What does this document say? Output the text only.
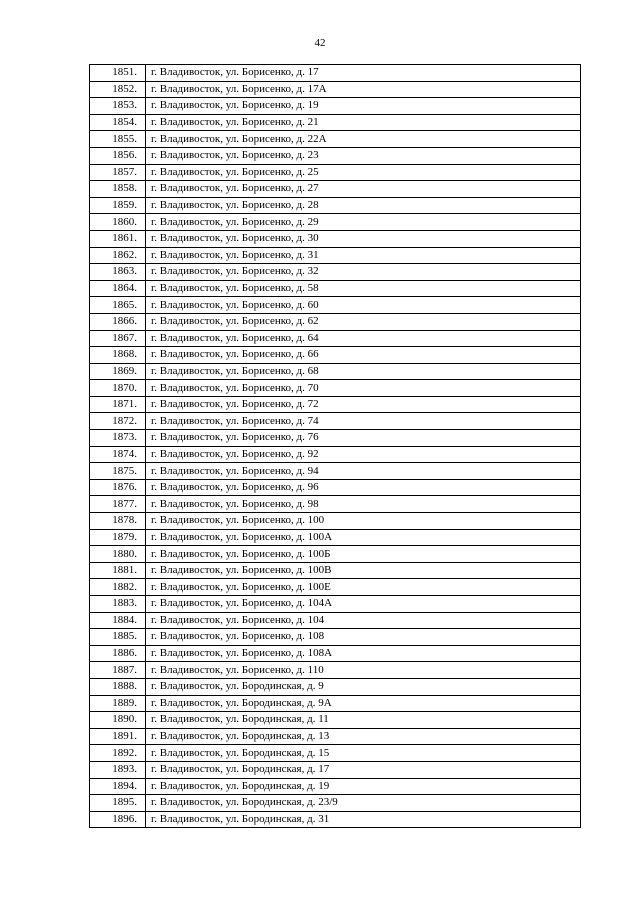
42
1851.	г. Владивосток, ул. Борисенко, д. 17
1852.	г. Владивосток, ул. Борисенко, д. 17А
1853.	г. Владивосток, ул. Борисенко, д. 19
1854.	г. Владивосток, ул. Борисенко, д. 21
1855.	г. Владивосток, ул. Борисенко, д. 22А
1856.	г. Владивосток, ул. Борисенко, д. 23
1857.	г. Владивосток, ул. Борисенко, д. 25
1858.	г. Владивосток, ул. Борисенко, д. 27
1859.	г. Владивосток, ул. Борисенко, д. 28
1860.	г. Владивосток, ул. Борисенко, д. 29
1861.	г. Владивосток, ул. Борисенко, д. 30
1862.	г. Владивосток, ул. Борисенко, д. 31
1863.	г. Владивосток, ул. Борисенко, д. 32
1864.	г. Владивосток, ул. Борисенко, д. 58
1865.	г. Владивосток, ул. Борисенко, д. 60
1866.	г. Владивосток, ул. Борисенко, д. 62
1867.	г. Владивосток, ул. Борисенко, д. 64
1868.	г. Владивосток, ул. Борисенко, д. 66
1869.	г. Владивосток, ул. Борисенко, д. 68
1870.	г. Владивосток, ул. Борисенко, д. 70
1871.	г. Владивосток, ул. Борисенко, д. 72
1872.	г. Владивосток, ул. Борисенко, д. 74
1873.	г. Владивосток, ул. Борисенко, д. 76
1874.	г. Владивосток, ул. Борисенко, д. 92
1875.	г. Владивосток, ул. Борисенко, д. 94
1876.	г. Владивосток, ул. Борисенко, д. 96
1877.	г. Владивосток, ул. Борисенко, д. 98
1878.	г. Владивосток, ул. Борисенко, д. 100
1879.	г. Владивосток, ул. Борисенко, д. 100А
1880.	г. Владивосток, ул. Борисенко, д. 100Б
1881.	г. Владивосток, ул. Борисенко, д. 100В
1882.	г. Владивосток, ул. Борисенко, д. 100Е
1883.	г. Владивосток, ул. Борисенко, д. 104А
1884.	г. Владивосток, ул. Борисенко, д. 104
1885.	г. Владивосток, ул. Борисенко, д. 108
1886.	г. Владивосток, ул. Борисенко, д. 108А
1887.	г. Владивосток, ул. Борисенко, д. 110
1888.	г. Владивосток, ул. Бородинская, д. 9
1889.	г. Владивосток, ул. Бородинская, д. 9А
1890.	г. Владивосток, ул. Бородинская, д. 11
1891.	г. Владивосток, ул. Бородинская, д. 13
1892.	г. Владивосток, ул. Бородинская, д. 15
1893.	г. Владивосток, ул. Бородинская, д. 17
1894.	г. Владивосток, ул. Бородинская, д. 19
1895.	г. Владивосток, ул. Бородинская, д. 23/9
1896.	г. Владивосток, ул. Бородинская, д. 31
